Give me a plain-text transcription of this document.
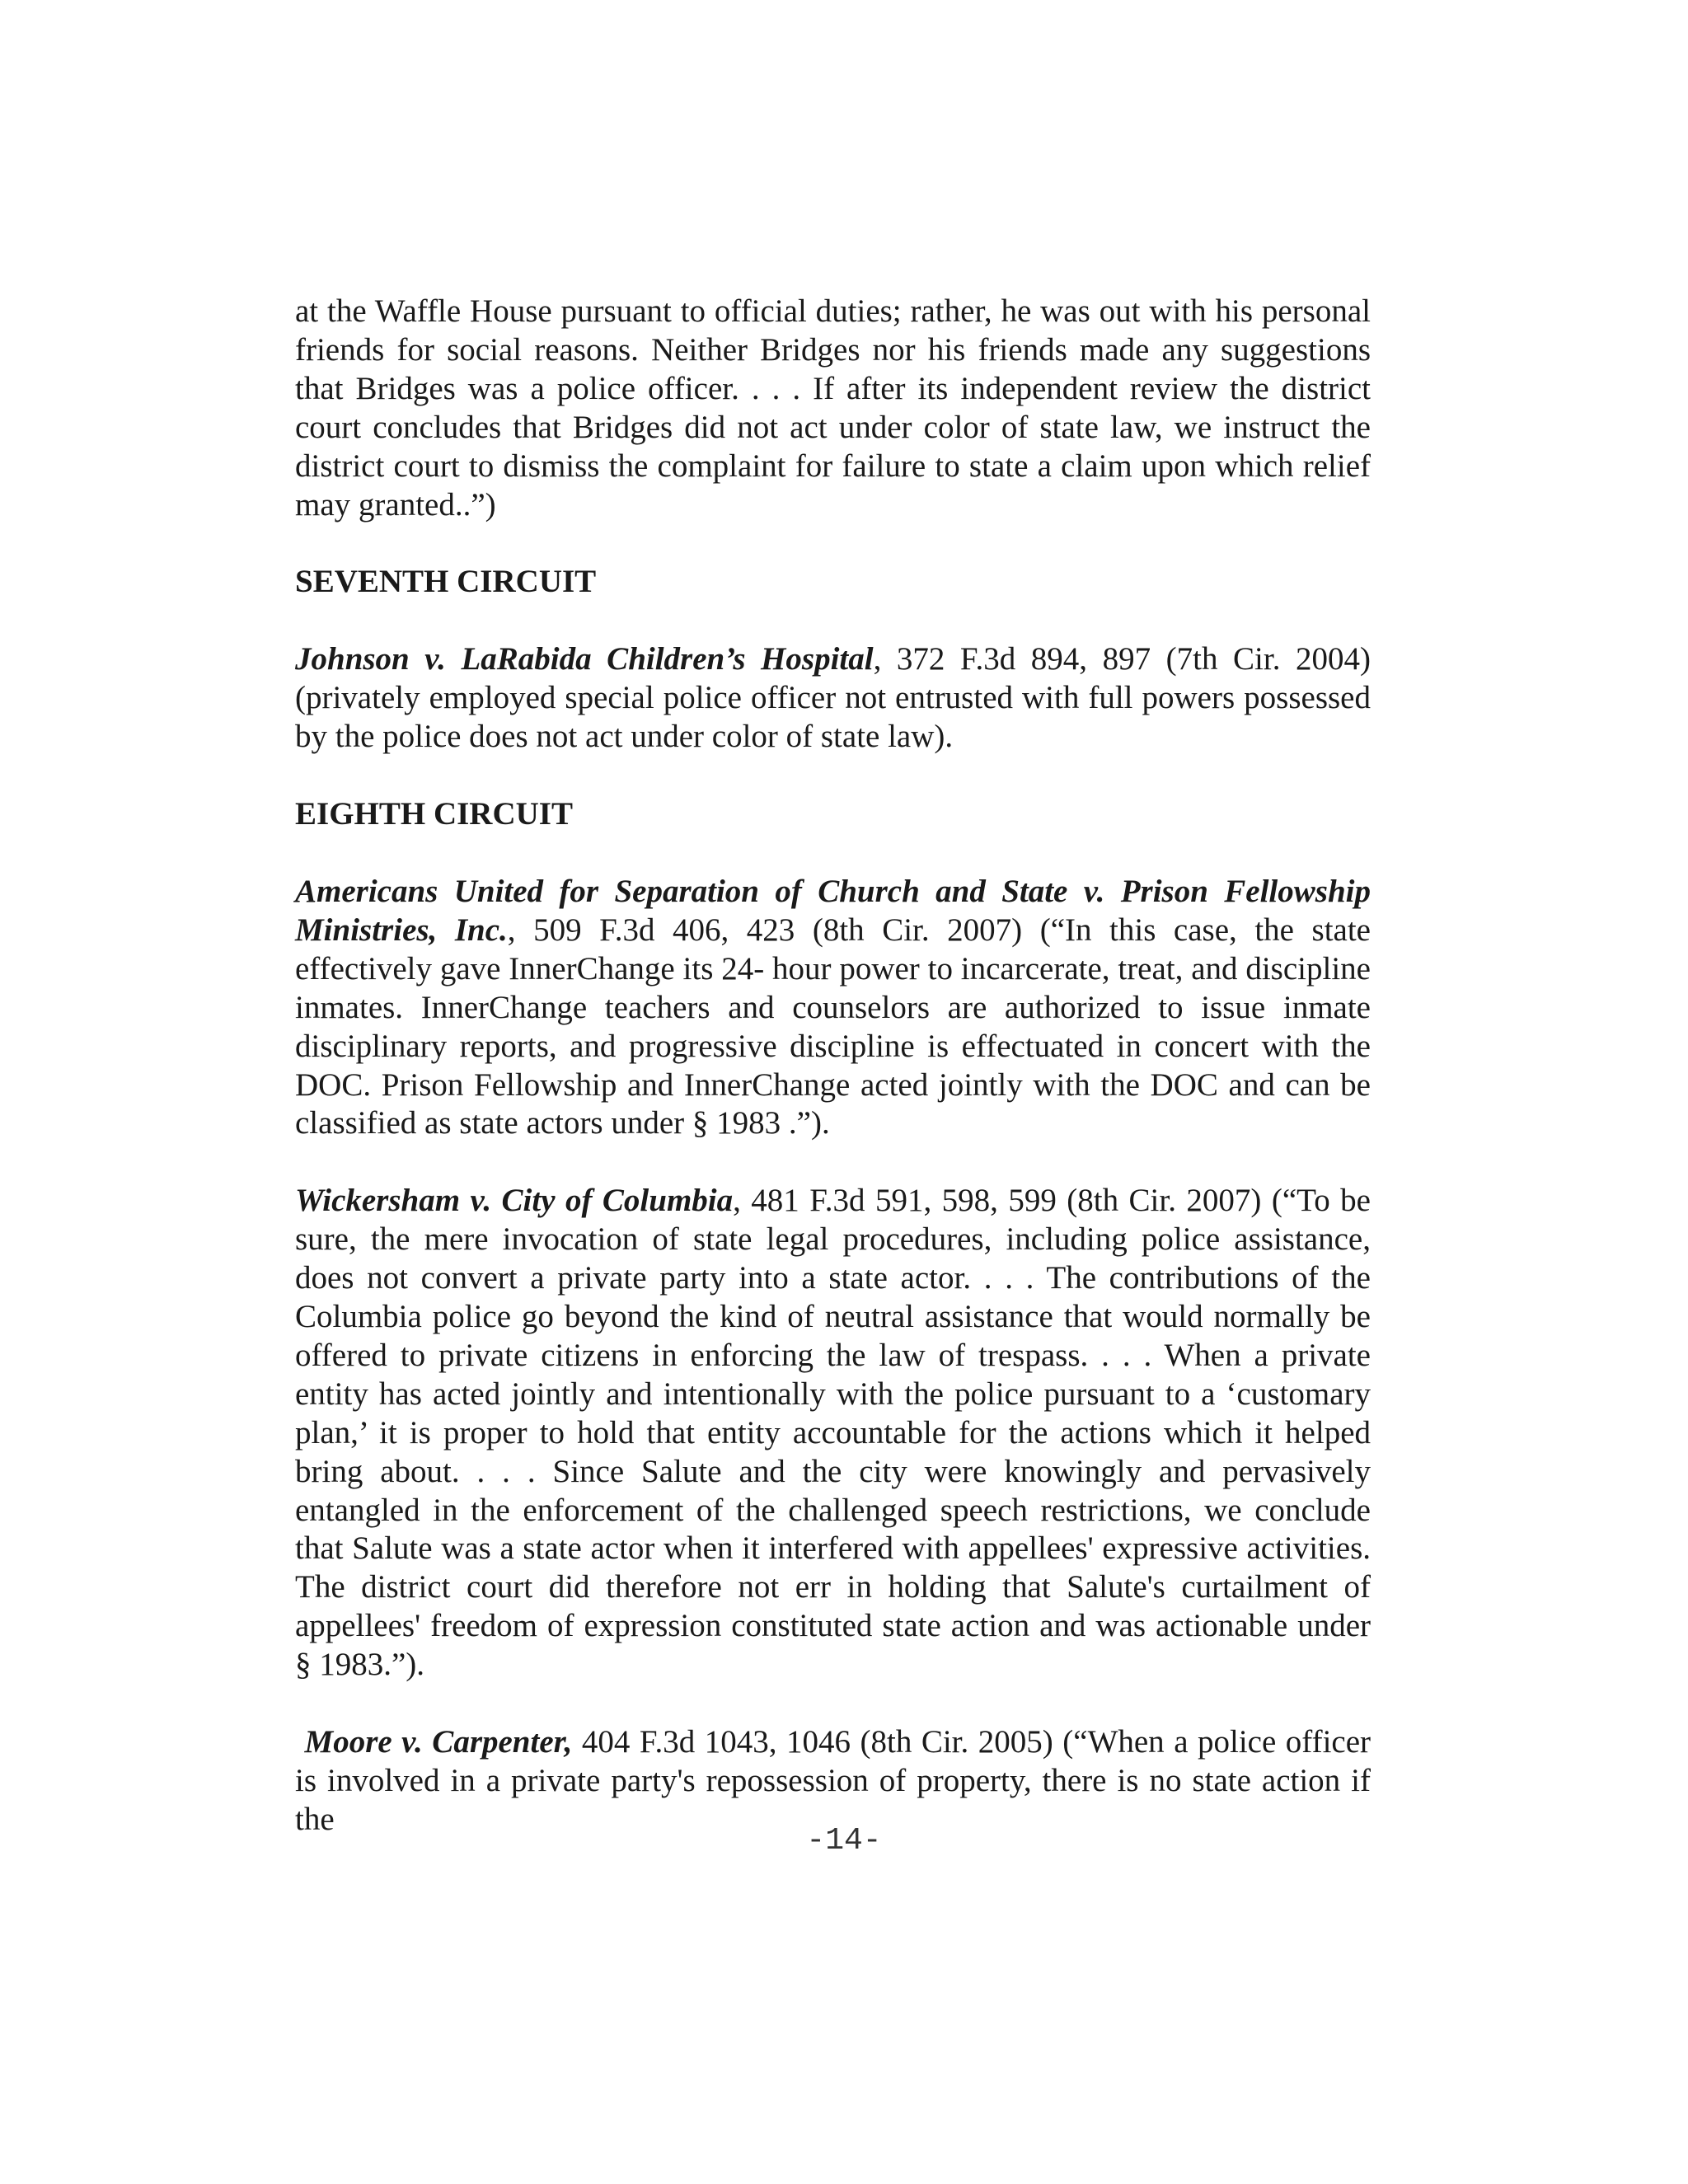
at the Waffle House pursuant to official duties; rather, he was out with his personal friends for social reasons. Neither Bridges nor his friends made any suggestions that Bridges was a police officer. . . . If after its independent review the district court concludes that Bridges did not act under color of state law, we instruct the district court to dismiss the complaint for failure to state a claim upon which relief may granted..”)

SEVENTH CIRCUIT

Johnson v. LaRabida Children’s Hospital, 372 F.3d 894, 897 (7th Cir. 2004) (privately employed special police officer not entrusted with full powers possessed by the police does not act under color of state law).

EIGHTH CIRCUIT

Americans United for Separation of Church and State v. Prison Fellowship Ministries, Inc., 509 F.3d 406, 423 (8th Cir. 2007) (“In this case, the state effectively gave InnerChange its 24- hour power to incarcerate, treat, and discipline inmates. InnerChange teachers and counselors are authorized to issue inmate disciplinary reports, and progressive discipline is effectuated in concert with the DOC. Prison Fellowship and InnerChange acted jointly with the DOC and can be classified as state actors under § 1983 .”).

Wickersham v. City of Columbia, 481 F.3d 591, 598, 599 (8th Cir. 2007) (“To be sure, the mere invocation of state legal procedures, including police assistance, does not convert a private party into a state actor. . . . The contributions of the Columbia police go beyond the kind of neutral assistance that would normally be offered to private citizens in enforcing the law of trespass. . . . When a private entity has acted jointly and intentionally with the police pursuant to a ‘customary plan,’ it is proper to hold that entity accountable for the actions which it helped bring about. . . . Since Salute and the city were knowingly and pervasively entangled in the enforcement of the challenged speech restrictions, we conclude that Salute was a state actor when it interfered with appellees' expressive activities. The district court did therefore not err in holding that Salute's curtailment of appellees' freedom of expression constituted state action and was actionable under § 1983.”).

Moore v. Carpenter, 404 F.3d 1043, 1046 (8th Cir. 2005) (“When a police officer is involved in a private party's repossession of property, there is no state action if the

-14-
